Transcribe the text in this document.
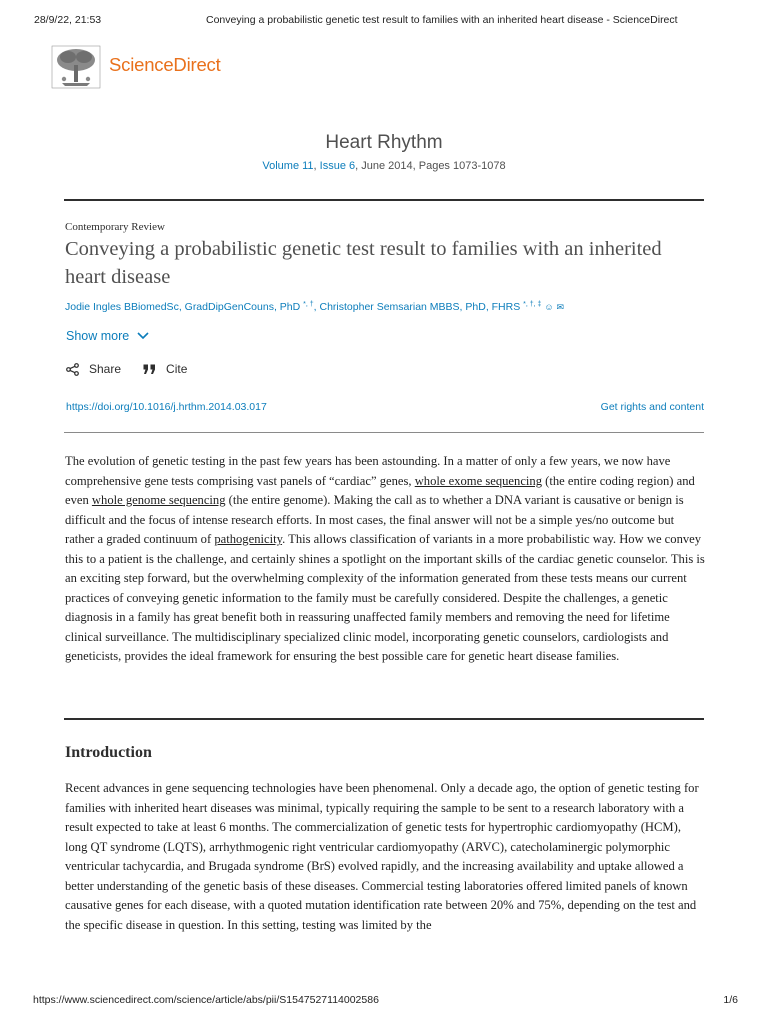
28/9/22, 21:53	Conveying a probabilistic genetic test result to families with an inherited heart disease - ScienceDirect
ScienceDirect
Heart Rhythm
Volume 11, Issue 6, June 2014, Pages 1073-1078
Contemporary Review
Conveying a probabilistic genetic test result to families with an inherited heart disease
Jodie Ingles BBiomedSc, GradDipGenCouns, PhD *, †, Christopher Semsarian MBBS, PhD, FHRS *, †, ‡ ☺ ✉
Show more
Share	Cite
https://doi.org/10.1016/j.hrthm.2014.03.017	Get rights and content

The evolution of genetic testing in the past few years has been astounding. In a matter of only a few years, we now have comprehensive gene tests comprising vast panels of “cardiac” genes, whole exome sequencing (the entire coding region) and even whole genome sequencing (the entire genome). Making the call as to whether a DNA variant is causative or benign is difficult and the focus of intense research efforts. In most cases, the final answer will not be a simple yes/no outcome but rather a graded continuum of pathogenicity. This allows classification of variants in a more probabilistic way. How we convey this to a patient is the challenge, and certainly shines a spotlight on the important skills of the cardiac genetic counselor. This is an exciting step forward, but the overwhelming complexity of the information generated from these tests means our current practices of conveying genetic information to the family must be carefully considered. Despite the challenges, a genetic diagnosis in a family has great benefit both in reassuring unaffected family members and removing the need for lifetime clinical surveillance. The multidisciplinary specialized clinic model, incorporating genetic counselors, cardiologists and geneticists, provides the ideal framework for ensuring the best possible care for genetic heart disease families.

Introduction

Recent advances in gene sequencing technologies have been phenomenal. Only a decade ago, the option of genetic testing for families with inherited heart diseases was minimal, typically requiring the sample to be sent to a research laboratory with a result expected to take at least 6 months. The commercialization of genetic tests for hypertrophic cardiomyopathy (HCM), long QT syndrome (LQTS), arrhythmogenic right ventricular cardiomyopathy (ARVC), catecholaminergic polymorphic ventricular tachycardia, and Brugada syndrome (BrS) evolved rapidly, and the increasing availability and uptake allowed a better understanding of the genetic basis of these diseases. Commercial testing laboratories offered limited panels of known causative genes for each disease, with a quoted mutation identification rate between 20% and 75%, depending on the test and the specific disease in question. In this setting, testing was limited by the

https://www.sciencedirect.com/science/article/abs/pii/S1547527114002586	1/6
